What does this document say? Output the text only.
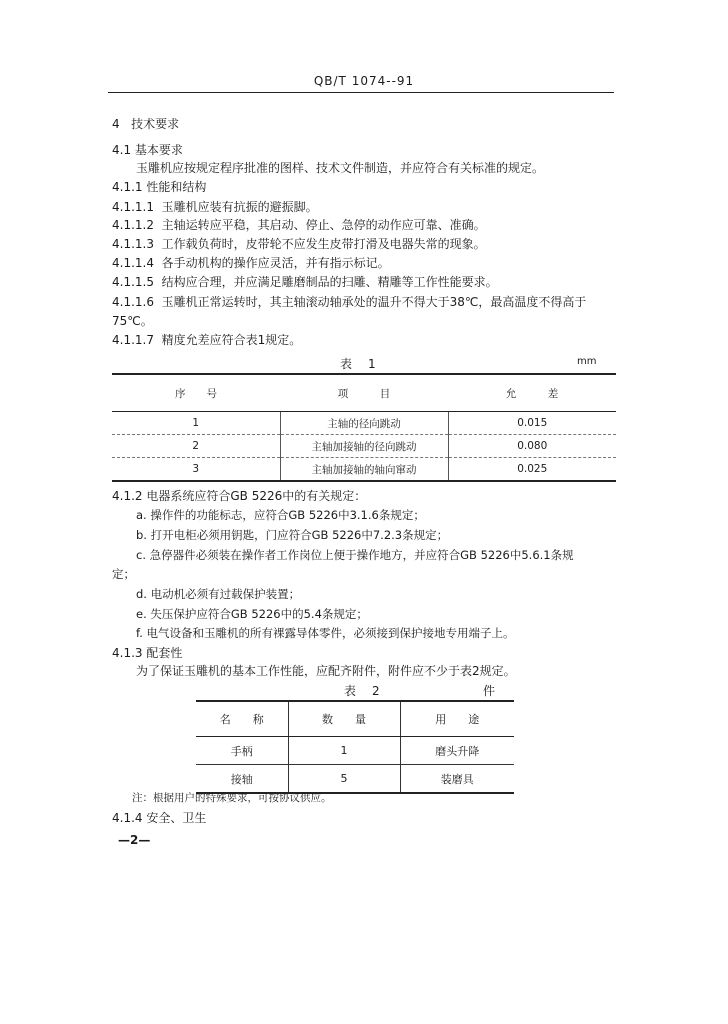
QB/T 1074--91
4 技术要求
4.1 基本要求
玉雕机应按规定程序批准的图样、技术文件制造，并应符合有关标准的规定。
4.1.1 性能和结构
4.1.1.1 玉雕机应装有抗振的避振脚。
4.1.1.2 主轴运转应平稳，其启动、停止、急停的动作应可靠、准确。
4.1.1.3 工作载负荷时，皮带轮不应发生皮带打滑及电器失常的现象。
4.1.1.4 各手动机构的操作应灵活，并有指示标记。
4.1.1.5 结构应合理，并应满足雕磨制品的扫雕、精雕等工作性能要求。
4.1.1.6 玉雕机正常运转时，其主轴滚动轴承处的温升不得大于38℃，最高温度不得高于
75℃。
4.1.1.7 精度允差应符合表1规定。
表　1	mm
序　　号	项　　　目	允　　　差
1	主轴的径向跳动	0.015
2	主轴加接轴的径向跳动	0.080
3	主轴加接轴的轴向窜动	0.025
4.1.2 电器系统应符合GB 5226中的有关规定：
a. 操作件的功能标志，应符合GB 5226中3.1.6条规定；
b. 打开电柜必须用钥匙，门应符合GB 5226中7.2.3条规定；
c. 急停器件必须装在操作者工作岗位上便于操作地方，并应符合GB 5226中5.6.1条规
定；
d. 电动机必须有过载保护装置；
e. 失压保护应符合GB 5226中的5.4条规定；
f. 电气设备和玉雕机的所有裸露导体零件，必须接到保护接地专用端子上。
4.1.3 配套性
为了保证玉雕机的基本工作性能，应配齐附件，附件应不少于表2规定。
表　2	件
名　　称	数　　量	用　　途
手柄	1	磨头升降
接轴	5	装磨具
注：根据用户的特殊要求，可按协议供应。
4.1.4 安全、卫生
—2—
